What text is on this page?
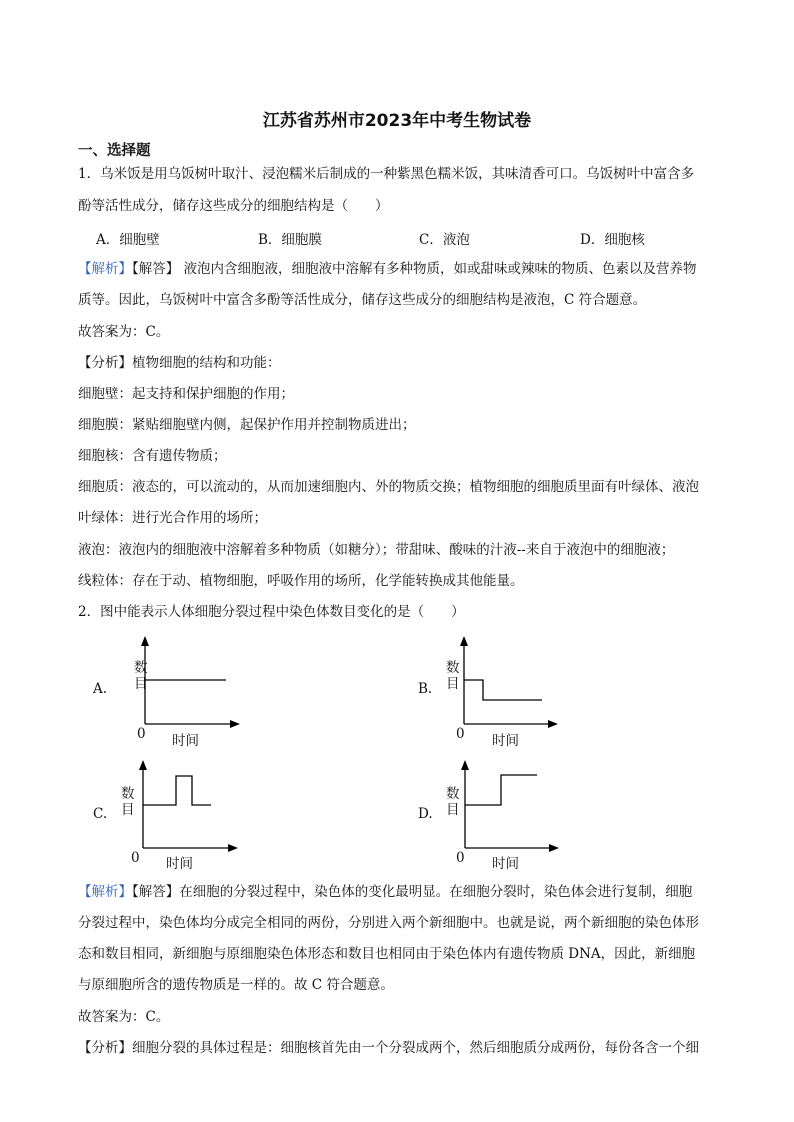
江苏省苏州市2023年中考生物试卷
一、选择题
1．乌米饭是用乌饭树叶取汁、浸泡糯米后制成的一种紫黑色糯米饭，其味清香可口。乌饭树叶中富含多
酚等活性成分，储存这些成分的细胞结构是（　　）
A．细胞壁	B．细胞膜	C．液泡	D．细胞核
【解析】【解答】 液泡内含细胞液，细胞液中溶解有多种物质，如或甜味或辣味的物质、色素以及营养物
质等。因此，乌饭树叶中富含多酚等活性成分，储存这些成分的细胞结构是液泡，C 符合题意。
故答案为：C。
【分析】植物细胞的结构和功能：
细胞壁：起支持和保护细胞的作用；
细胞膜：紧贴细胞壁内侧，起保护作用并控制物质进出；
细胞核：含有遗传物质；
细胞质：液态的，可以流动的，从而加速细胞内、外的物质交换；植物细胞的细胞质里面有叶绿体、液泡
叶绿体：进行光合作用的场所；
液泡：液泡内的细胞液中溶解着多种物质（如糖分）；带甜味、酸味的汁液--来自于液泡中的细胞液；
线粒体：存在于动、植物细胞，呼吸作用的场所，化学能转换成其他能量。
2．图中能表示人体细胞分裂过程中染色体数目变化的是（　　）
A.
数目
0 时间
B.
数目
0 时间
C.
数目
0 时间
D.
数目
0 时间
【解析】【解答】在细胞的分裂过程中，染色体的变化最明显。在细胞分裂时，染色体会进行复制，细胞
分裂过程中，染色体均分成完全相同的两份，分别进入两个新细胞中。也就是说，两个新细胞的染色体形
态和数目相同，新细胞与原细胞染色体形态和数目也相同由于染色体内有遗传物质 DNA，因此，新细胞
与原细胞所含的遗传物质是一样的。故 C 符合题意。
故答案为：C。
【分析】细胞分裂的具体过程是：细胞核首先由一个分裂成两个，然后细胞质分成两份，每份各含一个细
